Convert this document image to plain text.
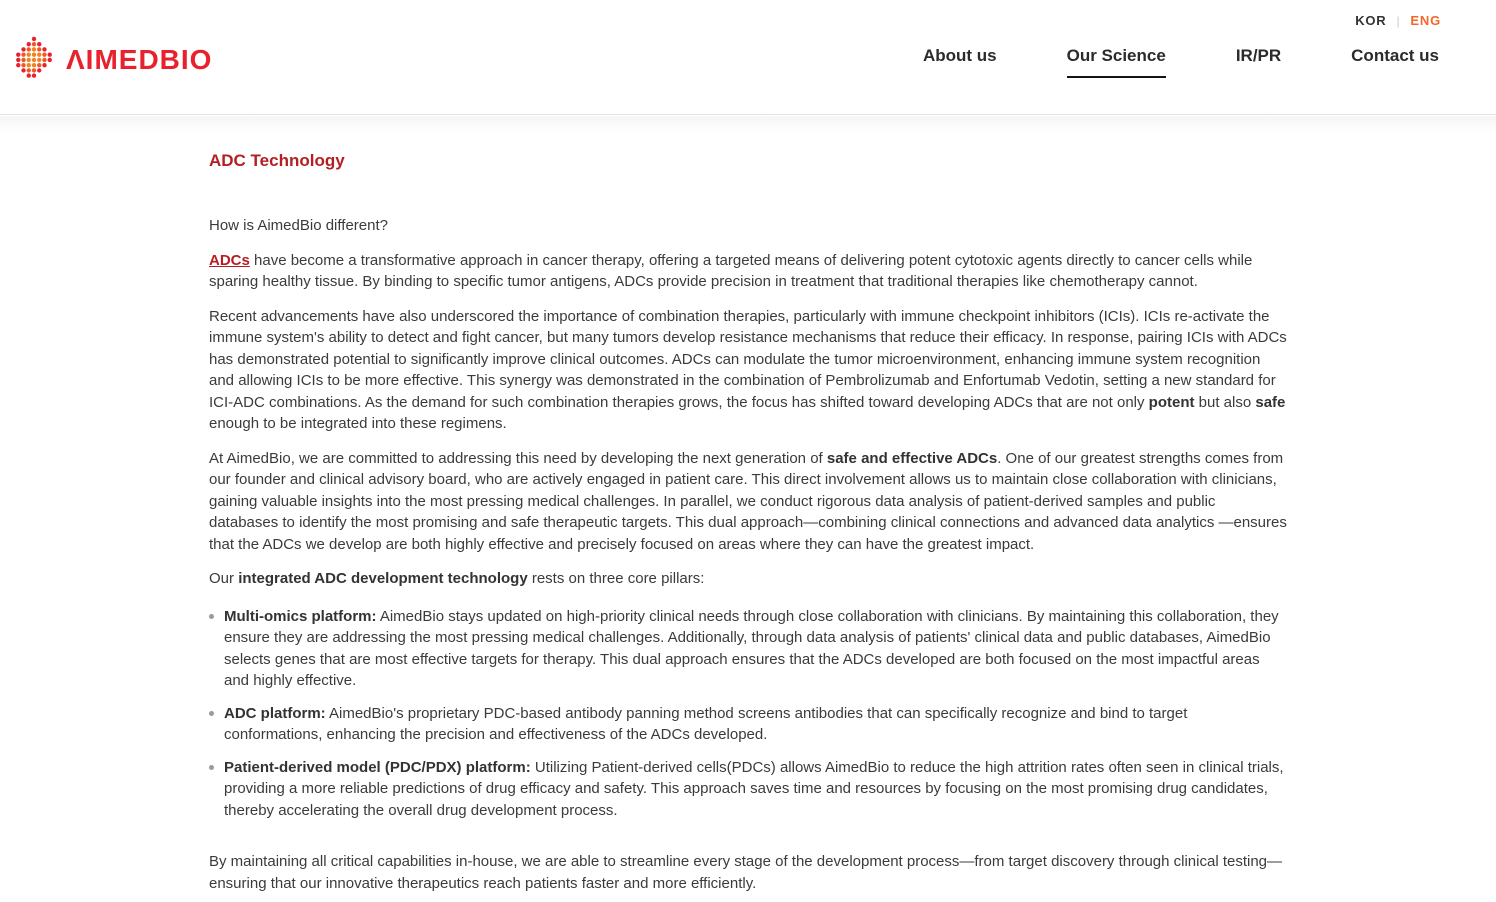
ΛIMEDBIO
KOR | ENG
About us	Our Science	IR/PR	Contact us
ADC Technology

How is AimedBio different?

ADCs have become a transformative approach in cancer therapy, offering a targeted means of delivering potent cytotoxic agents directly to cancer cells while sparing healthy tissue. By binding to specific tumor antigens, ADCs provide precision in treatment that traditional therapies like chemotherapy cannot.

Recent advancements have also underscored the importance of combination therapies, particularly with immune checkpoint inhibitors (ICIs). ICIs re-activate the immune system's ability to detect and fight cancer, but many tumors develop resistance mechanisms that reduce their efficacy. In response, pairing ICIs with ADCs has demonstrated potential to significantly improve clinical outcomes. ADCs can modulate the tumor microenvironment, enhancing immune system recognition and allowing ICIs to be more effective. This synergy was demonstrated in the combination of Pembrolizumab and Enfortumab Vedotin, setting a new standard for ICI-ADC combinations. As the demand for such combination therapies grows, the focus has shifted toward developing ADCs that are not only potent but also safe enough to be integrated into these regimens.

At AimedBio, we are committed to addressing this need by developing the next generation of safe and effective ADCs. One of our greatest strengths comes from our founder and clinical advisory board, who are actively engaged in patient care. This direct involvement allows us to maintain close collaboration with clinicians, gaining valuable insights into the most pressing medical challenges. In parallel, we conduct rigorous data analysis of patient-derived samples and public databases to identify the most promising and safe therapeutic targets. This dual approach—combining clinical connections and advanced data analytics —ensures that the ADCs we develop are both highly effective and precisely focused on areas where they can have the greatest impact.

Our integrated ADC development technology rests on three core pillars:

Multi-omics platform: AimedBio stays updated on high-priority clinical needs through close collaboration with clinicians. By maintaining this collaboration, they ensure they are addressing the most pressing medical challenges. Additionally, through data analysis of patients' clinical data and public databases, AimedBio selects genes that are most effective targets for therapy. This dual approach ensures that the ADCs developed are both focused on the most impactful areas and highly effective.
ADC platform: AimedBio's proprietary PDC-based antibody panning method screens antibodies that can specifically recognize and bind to target conformations, enhancing the precision and effectiveness of the ADCs developed.
Patient-derived model (PDC/PDX) platform: Utilizing Patient-derived cells(PDCs) allows AimedBio to reduce the high attrition rates often seen in clinical trials, providing a more reliable predictions of drug efficacy and safety. This approach saves time and resources by focusing on the most promising drug candidates, thereby accelerating the overall drug development process.

By maintaining all critical capabilities in-house, we are able to streamline every stage of the development process—from target discovery through clinical testing—ensuring that our innovative therapeutics reach patients faster and more efficiently.
